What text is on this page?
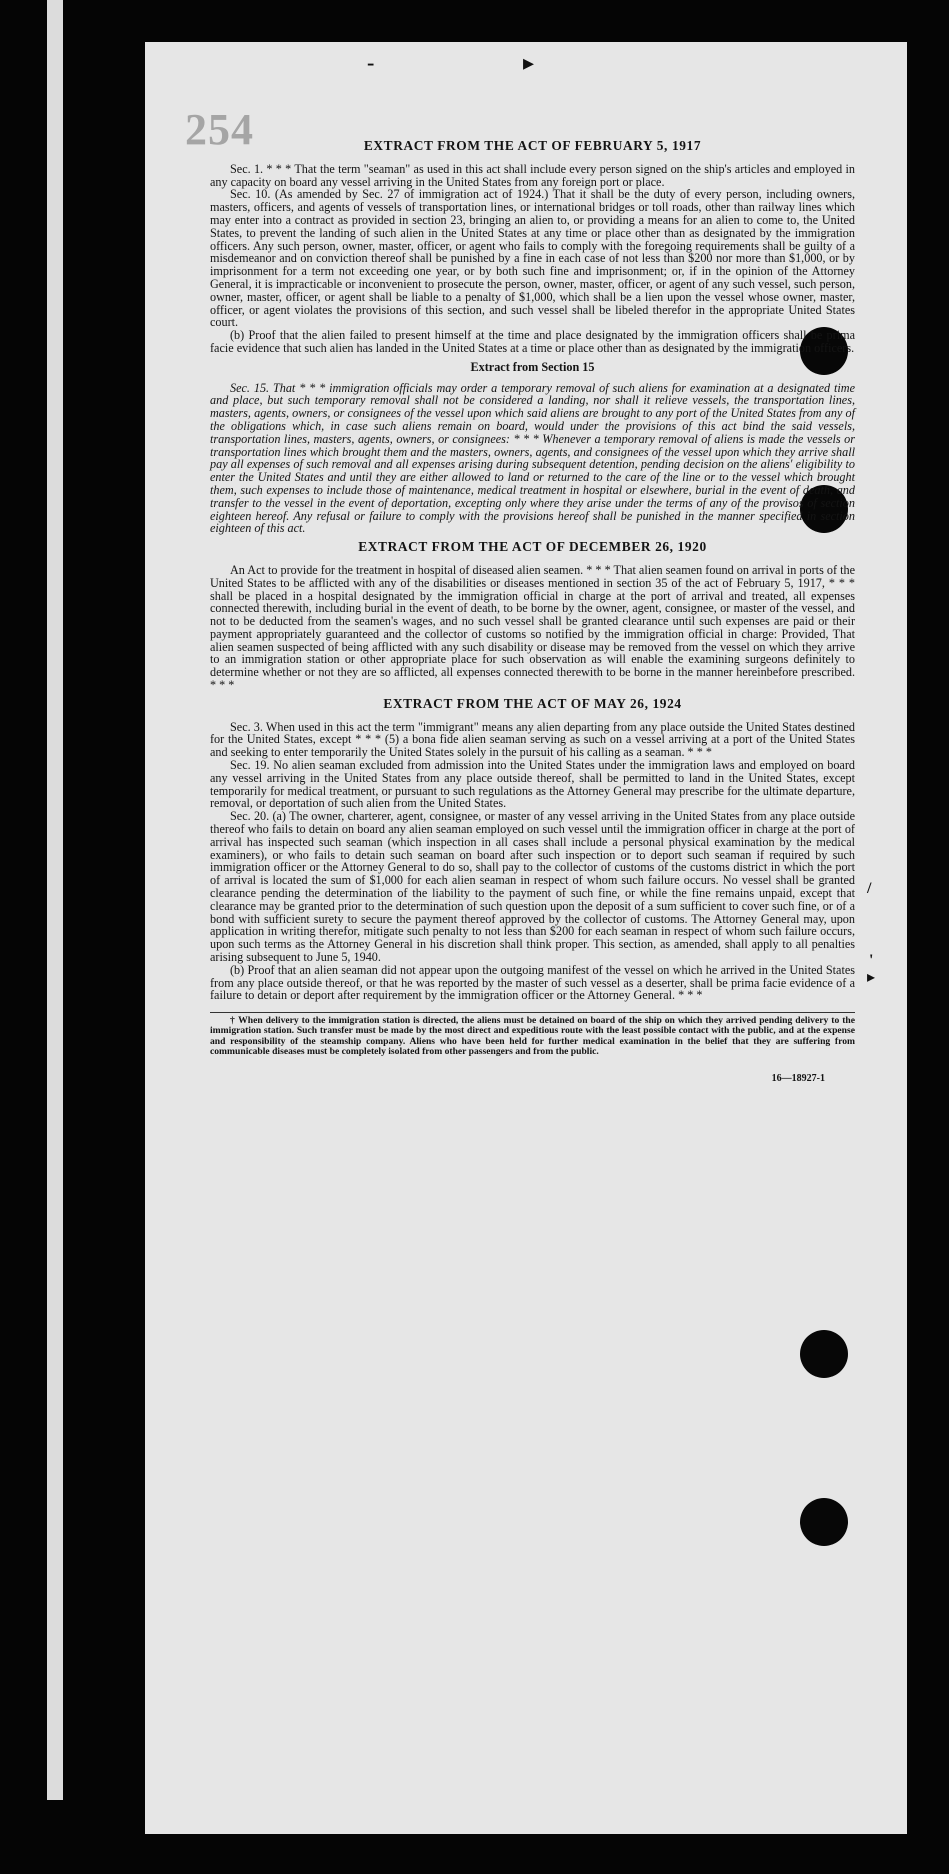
-	▸
254
/
'
▸
EXTRACT FROM THE ACT OF FEBRUARY 5, 1917

Sec. 1. * * * That the term "seaman" as used in this act shall include every person signed on the ship's articles and employed in any capacity on board any vessel arriving in the United States from any foreign port or place.

Sec. 10. (As amended by Sec. 27 of immigration act of 1924.) That it shall be the duty of every person, including owners, masters, officers, and agents of vessels of transportation lines, or international bridges or toll roads, other than railway lines which may enter into a contract as provided in section 23, bringing an alien to, or providing a means for an alien to come to, the United States, to prevent the landing of such alien in the United States at any time or place other than as designated by the immigration officers. Any such person, owner, master, officer, or agent who fails to comply with the foregoing requirements shall be guilty of a misdemeanor and on conviction thereof shall be punished by a fine in each case of not less than $200 nor more than $1,000, or by imprisonment for a term not exceeding one year, or by both such fine and imprisonment; or, if in the opinion of the Attorney General, it is impracticable or inconvenient to prosecute the person, owner, master, officer, or agent of any such vessel, such person, owner, master, officer, or agent shall be liable to a penalty of $1,000, which shall be a lien upon the vessel whose owner, master, officer, or agent violates the provisions of this section, and such vessel shall be libeled therefor in the appropriate United States court.

(b) Proof that the alien failed to present himself at the time and place designated by the immigration officers shall be prima facie evidence that such alien has landed in the United States at a time or place other than as designated by the immigration officers.

Extract from Section 15

Sec. 15. That * * * immigration officials may order a temporary removal of such aliens for examination at a designated time and place, but such temporary removal shall not be considered a landing, nor shall it relieve vessels, the transportation lines, masters, agents, owners, or consignees of the vessel upon which said aliens are brought to any port of the United States from any of the obligations which, in case such aliens remain on board, would under the provisions of this act bind the said vessels, transportation lines, masters, agents, owners, or consignees: * * * Whenever a temporary removal of aliens is made the vessels or transportation lines which brought them and the masters, owners, agents, and consignees of the vessel upon which they arrive shall pay all expenses of such removal and all expenses arising during subsequent detention, pending decision on the aliens' eligibility to enter the United States and until they are either allowed to land or returned to the care of the line or to the vessel which brought them, such expenses to include those of maintenance, medical treatment in hospital or elsewhere, burial in the event of death, and transfer to the vessel in the event of deportation, excepting only where they arise under the terms of any of the provisos of section eighteen hereof. Any refusal or failure to comply with the provisions hereof shall be punished in the manner specified in section eighteen of this act.

EXTRACT FROM THE ACT OF DECEMBER 26, 1920

An Act to provide for the treatment in hospital of diseased alien seamen. * * * That alien seamen found on arrival in ports of the United States to be afflicted with any of the disabilities or diseases mentioned in section 35 of the act of February 5, 1917, * * * shall be placed in a hospital designated by the immigration official in charge at the port of arrival and treated, all expenses connected therewith, including burial in the event of death, to be borne by the owner, agent, consignee, or master of the vessel, and not to be deducted from the seamen's wages, and no such vessel shall be granted clearance until such expenses are paid or their payment appropriately guaranteed and the collector of customs so notified by the immigration official in charge: Provided, That alien seamen suspected of being afflicted with any such disability or disease may be removed from the vessel on which they arrive to an immigration station or other appropriate place for such observation as will enable the examining surgeons definitely to determine whether or not they are so afflicted, all expenses connected therewith to be borne in the manner hereinbefore prescribed. * * *

EXTRACT FROM THE ACT OF MAY 26, 1924

Sec. 3. When used in this act the term "immigrant" means any alien departing from any place outside the United States destined for the United States, except * * * (5) a bona fide alien seaman serving as such on a vessel arriving at a port of the United States and seeking to enter temporarily the United States solely in the pursuit of his calling as a seaman. * * *

Sec. 19. No alien seaman excluded from admission into the United States under the immigration laws and employed on board any vessel arriving in the United States from any place outside thereof, shall be permitted to land in the United States, except temporarily for medical treatment, or pursuant to such regulations as the Attorney General may prescribe for the ultimate departure, removal, or deportation of such alien from the United States.

Sec. 20. (a) The owner, charterer, agent, consignee, or master of any vessel arriving in the United States from any place outside thereof who fails to detain on board any alien seaman employed on such vessel until the immigration officer in charge at the port of arrival has inspected such seaman (which inspection in all cases shall include a personal physical examination by the medical examiners), or who fails to detain such seaman on board after such inspection or to deport such seaman if required by such immigration officer or the Attorney General to do so, shall pay to the collector of customs of the customs district in which the port of arrival is located the sum of $1,000 for each alien seaman in respect of whom such failure occurs. No vessel shall be granted clearance pending the determination of the liability to the payment of such fine, or while the fine remains unpaid, except that clearance may be granted prior to the determination of such question upon the deposit of a sum sufficient to cover such fine, or of a bond with sufficient surety to secure the payment thereof approved by the collector of customs. The Attorney General may, upon application in writing therefor, mitigate such penalty to not less than $200 for each seaman in respect of whom such failure occurs, upon such terms as the Attorney General in his discretion shall think proper. This section, as amended, shall apply to all penalties arising subsequent to June 5, 1940.

(b) Proof that an alien seaman did not appear upon the outgoing manifest of the vessel on which he arrived in the United States from any place outside thereof, or that he was reported by the master of such vessel as a deserter, shall be prima facie evidence of a failure to detain or deport after requirement by the immigration officer or the Attorney General. * * *

† When delivery to the immigration station is directed, the aliens must be detained on board of the ship on which they arrived pending delivery to the immigration station. Such transfer must be made by the most direct and expeditious route with the least possible contact with the public, and at the expense and responsibility of the steamship company. Aliens who have been held for further medical examination in the belief that they are suffering from communicable diseases must be completely isolated from other passengers and from the public.

16—18927-1
